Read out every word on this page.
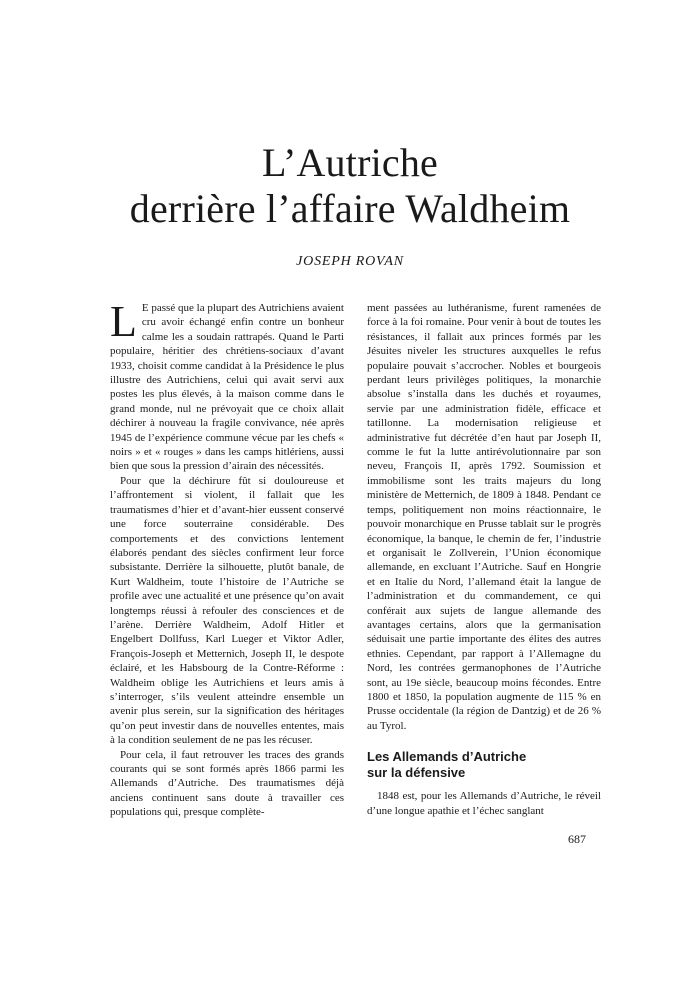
L’Autriche
derrière l’affaire Waldheim
JOSEPH ROVAN

L E passé que la plupart des Autrichiens avaient cru avoir échangé enfin contre un bonheur calme les a soudain rattrapés. Quand le Parti populaire, héritier des chrétiens-sociaux d’avant 1933, choisit comme candidat à la Présidence le plus illustre des Autrichiens, celui qui avait servi aux postes les plus élevés, à la maison comme dans le grand monde, nul ne prévoyait que ce choix allait déchirer à nouveau la fragile convivance, née après 1945 de l’expérience commune vécue par les chefs « noirs » et « rouges » dans les camps hitlériens, aussi bien que sous la pression d’airain des nécessités.

Pour que la déchirure fût si douloureuse et l’affrontement si violent, il fallait que les traumatismes d’hier et d’avant-hier eussent conservé une force souterraine considérable. Des comportements et des convictions lentement élaborés pendant des siècles confirment leur force subsistante. Derrière la silhouette, plutôt banale, de Kurt Waldheim, toute l’histoire de l’Autriche se profile avec une actualité et une présence qu’on avait longtemps réussi à refouler des consciences et de l’arène. Derrière Waldheim, Adolf Hitler et Engelbert Dollfuss, Karl Lueger et Viktor Adler, François-Joseph et Metternich, Joseph II, le despote éclairé, et les Habsbourg de la Contre-Réforme : Waldheim oblige les Autrichiens et leurs amis à s’interroger, s’ils veulent atteindre ensemble un avenir plus serein, sur la signification des héritages qu’on peut investir dans de nouvelles ententes, mais à la condition seulement de ne pas les récuser.

Pour cela, il faut retrouver les traces des grands courants qui se sont formés après 1866 parmi les Allemands d’Autriche. Des traumatismes déjà anciens continuent sans doute à travailler ces populations qui, presque complète-

ment passées au luthéranisme, furent ramenées de force à la foi romaine. Pour venir à bout de toutes les résistances, il fallait aux princes formés par les Jésuites niveler les structures auxquelles le refus populaire pouvait s’accrocher. Nobles et bourgeois perdant leurs privilèges politiques, la monarchie absolue s’installa dans les duchés et royaumes, servie par une administration fidèle, efficace et tatillonne. La modernisation religieuse et administrative fut décrétée d’en haut par Joseph II, comme le fut la lutte antirévolutionnaire par son neveu, François II, après 1792. Soumission et immobilisme sont les traits majeurs du long ministère de Metternich, de 1809 à 1848. Pendant ce temps, politiquement non moins réactionnaire, le pouvoir monarchique en Prusse tablait sur le progrès économique, la banque, le chemin de fer, l’industrie et organisait le Zollverein, l’Union économique allemande, en excluant l’Autriche. Sauf en Hongrie et en Italie du Nord, l’allemand était la langue de l’administration et du commandement, ce qui conférait aux sujets de langue allemande des avantages certains, alors que la germanisation séduisait une partie importante des élites des autres ethnies. Cependant, par rapport à l’Allemagne du Nord, les contrées germanophones de l’Autriche sont, au 19e siècle, beaucoup moins fécondes. Entre 1800 et 1850, la population augmente de 115 % en Prusse occidentale (la région de Dantzig) et de 26 % au Tyrol.

Les Allemands d’Autriche
sur la défensive

1848 est, pour les Allemands d’Autriche, le réveil d’une longue apathie et l’échec sanglant

687
